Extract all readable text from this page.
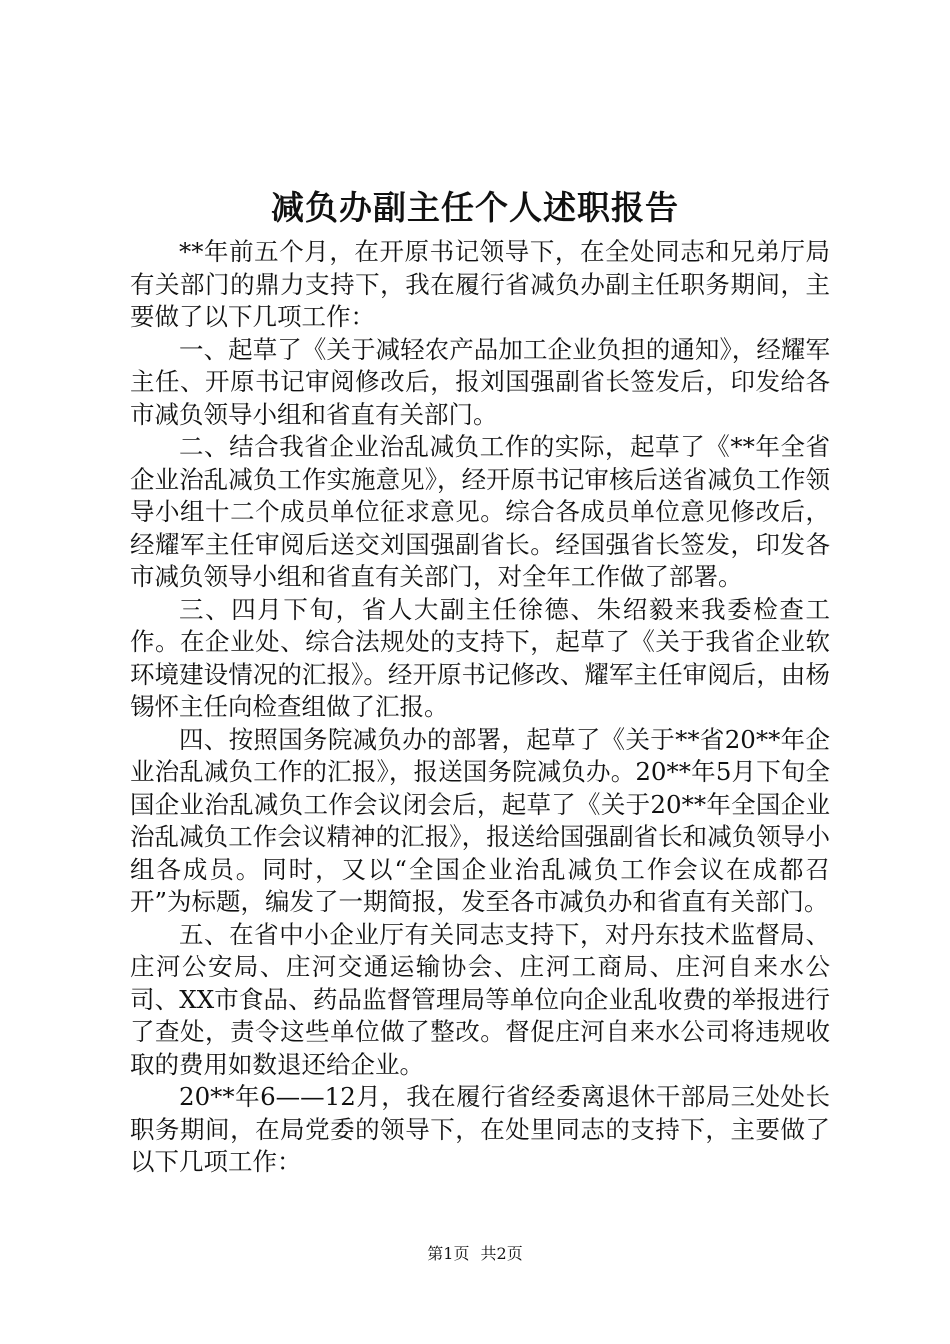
减负办副主任个人述职报告

**年前五个月，在开原书记领导下，在全处同志和兄弟厅局有关部门的鼎力支持下，我在履行省减负办副主任职务期间，主要做了以下几项工作：

一、起草了《关于减轻农产品加工企业负担的通知》，经耀军主任、开原书记审阅修改后，报刘国强副省长签发后，印发给各市减负领导小组和省直有关部门。

二、结合我省企业治乱减负工作的实际，起草了《**年全省企业治乱减负工作实施意见》，经开原书记审核后送省减负工作领导小组十二个成员单位征求意见。综合各成员单位意见修改后，经耀军主任审阅后送交刘国强副省长。经国强省长签发，印发各市减负领导小组和省直有关部门，对全年工作做了部署。

三、四月下旬，省人大副主任徐德、朱绍毅来我委检查工作。在企业处、综合法规处的支持下，起草了《关于我省企业软环境建设情况的汇报》。经开原书记修改、耀军主任审阅后，由杨锡怀主任向检查组做了汇报。

四、按照国务院减负办的部署，起草了《关于**省20**年企业治乱减负工作的汇报》，报送国务院减负办。20**年5月下旬全国企业治乱减负工作会议闭会后，起草了《关于20**年全国企业治乱减负工作会议精神的汇报》，报送给国强副省长和减负领导小组各成员。同时，又以“全国企业治乱减负工作会议在成都召开”为标题，编发了一期简报，发至各市减负办和省直有关部门。

五、在省中小企业厅有关同志支持下，对丹东技术监督局、庄河公安局、庄河交通运输协会、庄河工商局、庄河自来水公司、XX市食品、药品监督管理局等单位向企业乱收费的举报进行了查处，责令这些单位做了整改。督促庄河自来水公司将违规收取的费用如数退还给企业。

20**年6——12月，我在履行省经委离退休干部局三处处长职务期间，在局党委的领导下，在处里同志的支持下，主要做了以下几项工作：

第1页 共2页
